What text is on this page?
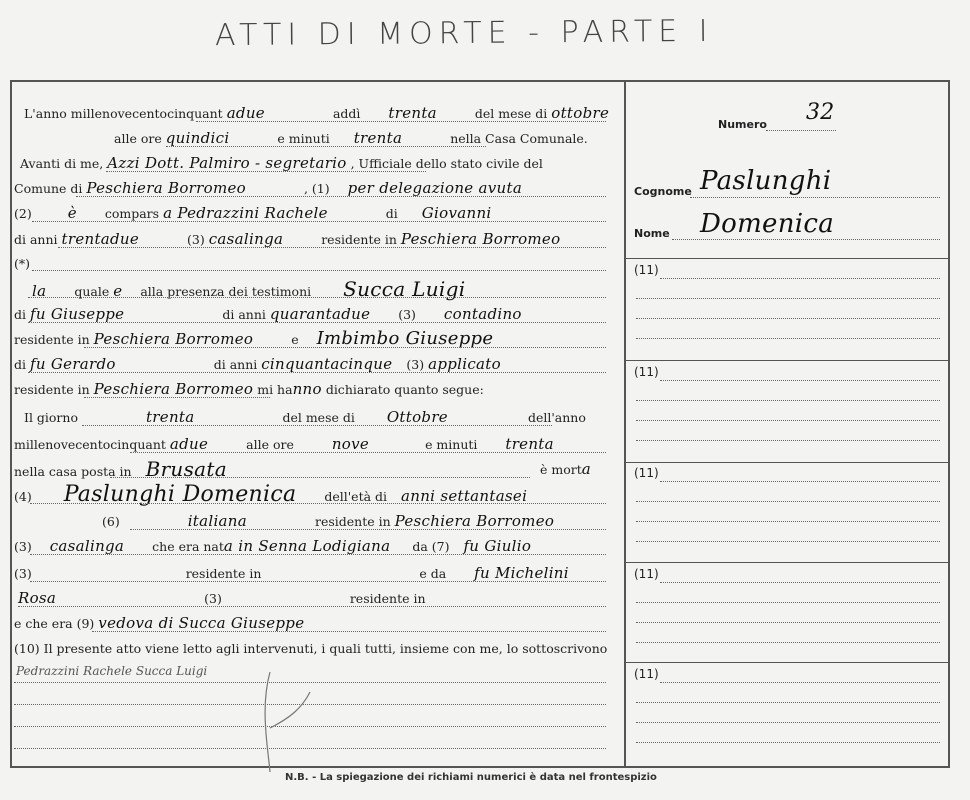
ATTI DI MORTE - PARTE I
Numero 32
Cognome Paslunghi
Nome Domenica
(11)
(11)
(11)
(11)
(11)
L'anno millenovecentocinquant adue	addì trenta	del mese di ottobre
alle ore quindici	e minuti trenta	nella Casa Comunale.
Avanti di me, Azzi Dott. Palmiro - segretario , Ufficiale dello stato civile del
Comune di Peschiera Borromeo	, (1) per delegazione avuta
(2) è compars a Pedrazzini Rachele	di Giovanni
di anni trentadue	(3) casalinga	residente in Peschiera Borromeo
(*)
la quale e alla presenza dei testimoni Succa Luigi
di fu Giuseppe	di anni quarantadue (3) contadino
residente in Peschiera Borromeo	e Imbimbo Giuseppe
di fu Gerardo	di anni cinquantacinque (3) applicato
residente in Peschiera Borromeo mi hanno dichiarato quanto segue:
Il giorno	trenta	del mese di Ottobre	dell'anno
millenovecentocinquant adue	alle ore	nove	e minuti trenta
nella casa posta in Brusata	è morta
(4) Paslunghi Domenica dell'età di anni settantasei
(6)	italiana	residente in Peschiera Borromeo
(3) casalinga che era nata in Senna Lodigiana da (7) fu Giulio
(3)	residente in	e da fu Michelini
Rosa	(3)	residente in
e che era (9) vedova di Succa Giuseppe
(10) Il presente atto viene letto agli intervenuti, i quali tutti, insieme con me, lo sottoscrivono
Pedrazzini Rachele Succa Luigi
N.B. - La spiegazione dei richiami numerici è data nel frontespizio
